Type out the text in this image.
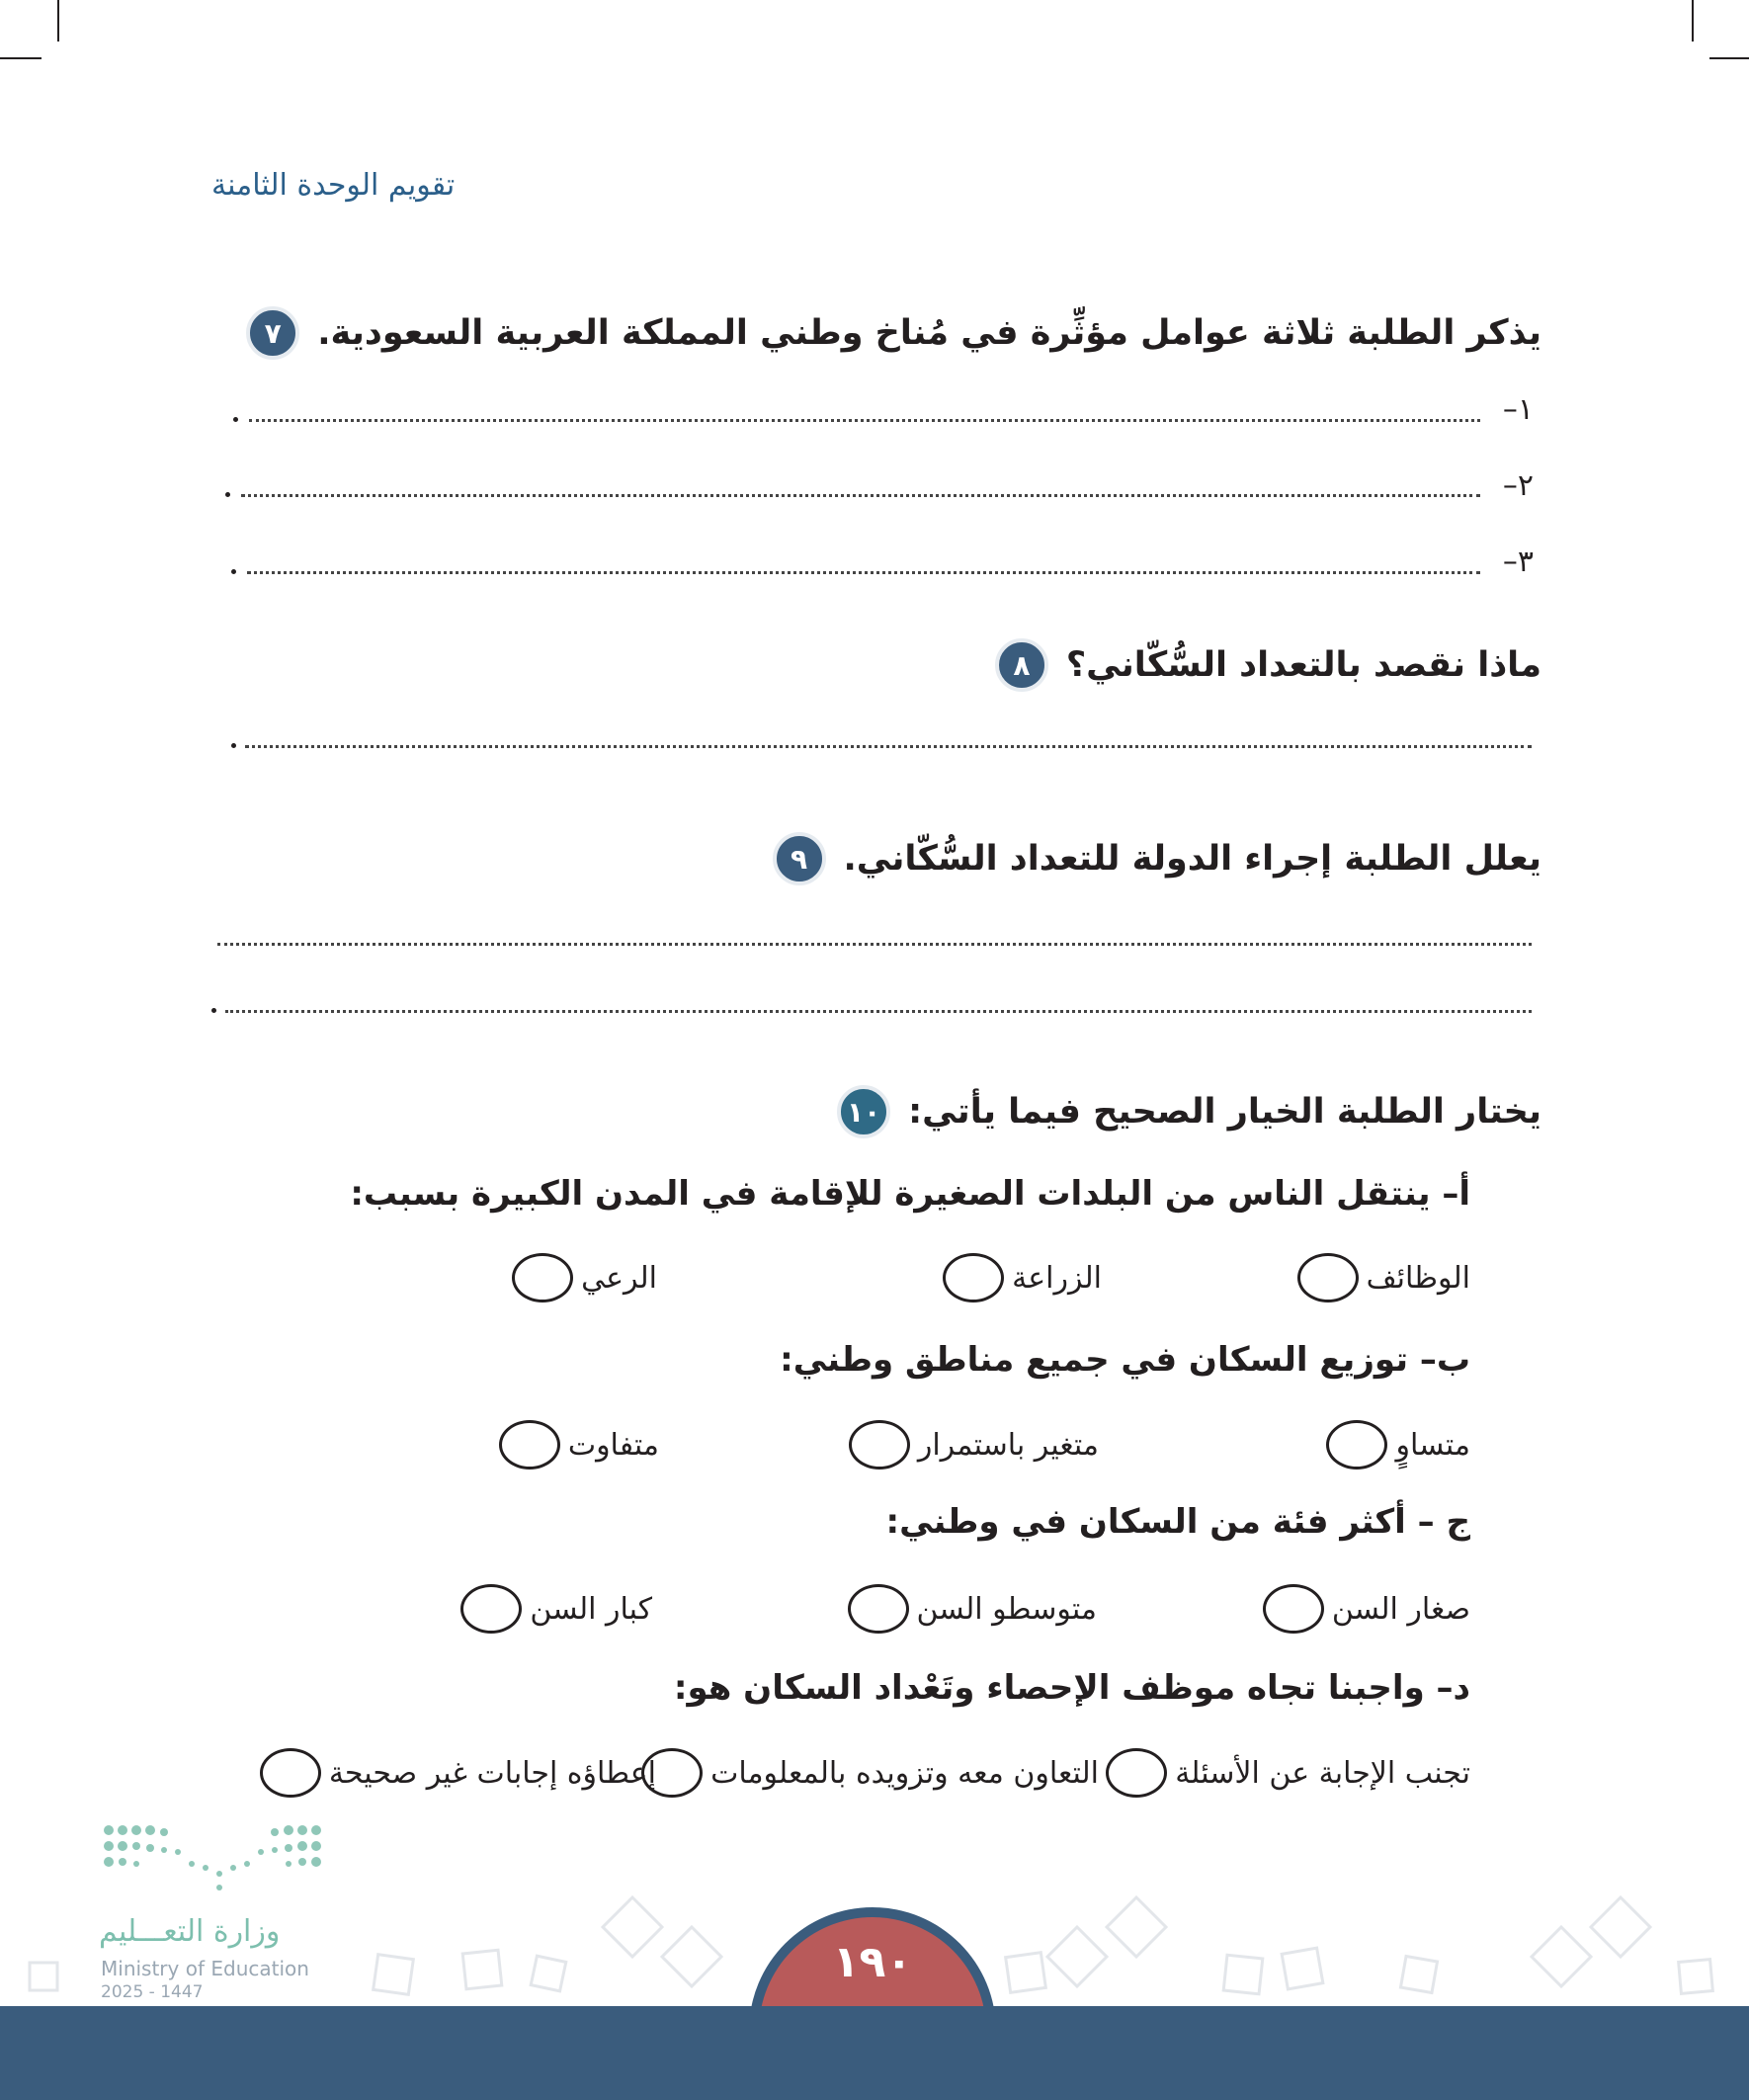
تقويم الوحدة الثامنة
٧	يذكر الطلبة ثلاثة عوامل مؤثِّرة في مُناخ وطني المملكة العربية السعودية.
١–
٢–
٣–
٨	ماذا نقصد بالتعداد السُّكّاني؟
٩	يعلل الطلبة إجراء الدولة للتعداد السُّكّاني.
١٠ يختار الطلبة الخيار الصحيح فيما يأتي:
أ– ينتقل الناس من البلدات الصغيرة للإقامة في المدن الكبيرة بسبب:
الوظائف
الزراعة
الرعي
ب– توزيع السكان في جميع مناطق وطني:
متساوٍ
متغير باستمرار
متفاوت
ج – أكثر فئة من السكان في وطني:
صغار السن
متوسطو السن
كبار السن
د– واجبنا تجاه موظف الإحصاء وتَعْداد السكان هو:
تجنب الإجابة عن الأسئلة
التعاون معه وتزويده بالمعلومات
إعطاؤه إجابات غير صحيحة
وزارة التعـــليم
Ministry of Education
2025 - 1447
١٩٠
